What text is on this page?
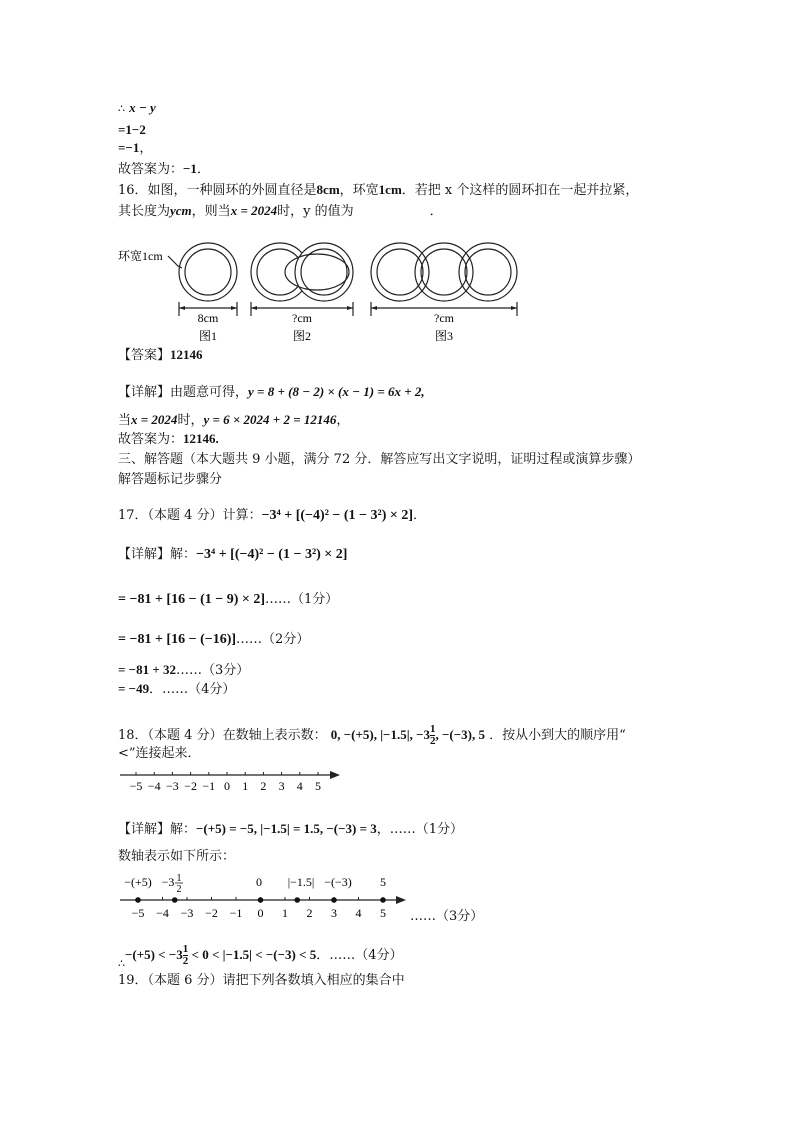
∴ x − y
=1−2
=−1，
故答案为：−1．
16．如图，一种圆环的外圆直径是8cm，环宽1cm．若把 x 个这样的圆环扣在一起并拉紧，
其长度为ycm，则当x = 2024时，y 的值为	．
环宽1cm
8cm	?cm	?cm
图1	图2	图3
【答案】12146
【详解】由题意可得，y = 8 + (8 − 2) × (x − 1) = 6x + 2,
当x = 2024时，y = 6 × 2024 + 2 = 12146，
故答案为：12146.
三、解答题（本大题共 9 小题，满分 72 分．解答应写出文字说明，证明过程或演算步骤）
解答题标记步骤分
17．（本题 4 分）计算：−3⁴ + [(−4)² − (1 − 3²) × 2]．
【详解】解：−3⁴ + [(−4)² − (1 − 3²) × 2]
= −81 + [16 − (1 − 9) × 2]……（1分）
= −81 + [16 − (−16)]……（2分）
= −81 + 32……（3分）
= −49．……（4分）
18．（本题 4 分）在数轴上表示数： 0, −(+5), |−1.5|, $-3 \frac{1}{2}$ , −(−3), 5 ．按从小到大的顺序用“
<”连接起来．
−5 −4 −3 −2 −1 0 1 2 3 4 5
【详解】解：−(+5) = −5, |−1.5| = 1.5, −(−3) = 3，……（1分）
数轴表示如下所示：
−5 −4 −3 −2 −1 0 1 2 3 4 5
−(+5) −3 1
2
0 |−1.5| −(−3) 5
……（3分）
$_\therefore-(+5) < -3 \frac{1}{2} < 0 < |-1.5| < -(-3) < 5$．……（4分）
19．（本题 6 分）请把下列各数填入相应的集合中
